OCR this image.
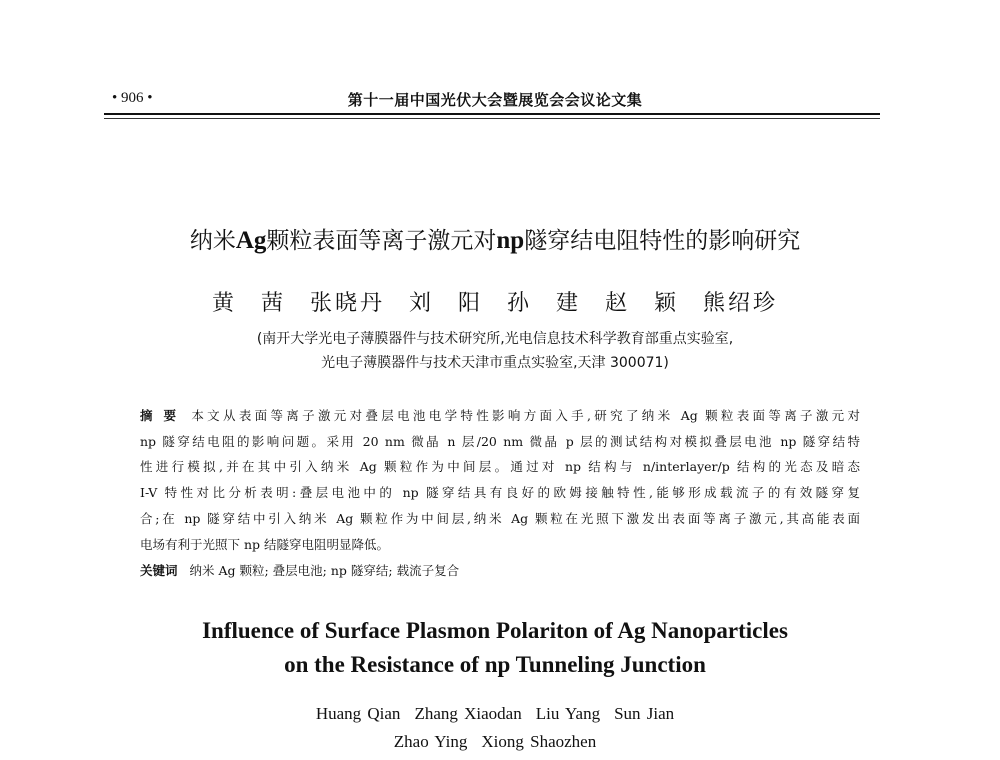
• 906 •	第十一届中国光伏大会暨展览会会议论文集
纳米Ag颗粒表面等离子激元对np隧穿结电阻特性的影响研究
黄 茜 张晓丹 刘 阳 孙 建 赵 颖 熊绍珍
(南开大学光电子薄膜器件与技术研究所,光电信息技术科学教育部重点实验室,
光电子薄膜器件与技术天津市重点实验室,天津 300071)
摘 要 本文从表面等离子激元对叠层电池电学特性影响方面入手,研究了纳米 Ag 颗粒表面等离子激元对
np 隧穿结电阻的影响问题。采用 20 nm 微晶 n 层/20 nm 微晶 p 层的测试结构对模拟叠层电池 np 隧穿结特
性进行模拟,并在其中引入纳米 Ag 颗粒作为中间层。通过对 np 结构与 n/interlayer/p 结构的光态及暗态
I-V 特性对比分析表明:叠层电池中的 np 隧穿结具有良好的欧姆接触特性,能够形成载流子的有效隧穿复
合;在 np 隧穿结中引入纳米 Ag 颗粒作为中间层,纳米 Ag 颗粒在光照下激发出表面等离子激元,其高能表面
电场有利于光照下 np 结隧穿电阻明显降低。
关键词 纳米 Ag 颗粒; 叠层电池; np 隧穿结; 载流子复合
Influence of Surface Plasmon Polariton of Ag Nanoparticles
on the Resistance of np Tunneling Junction
Huang Qian Zhang Xiaodan Liu Yang Sun Jian
Zhao Ying Xiong Shaozhen
